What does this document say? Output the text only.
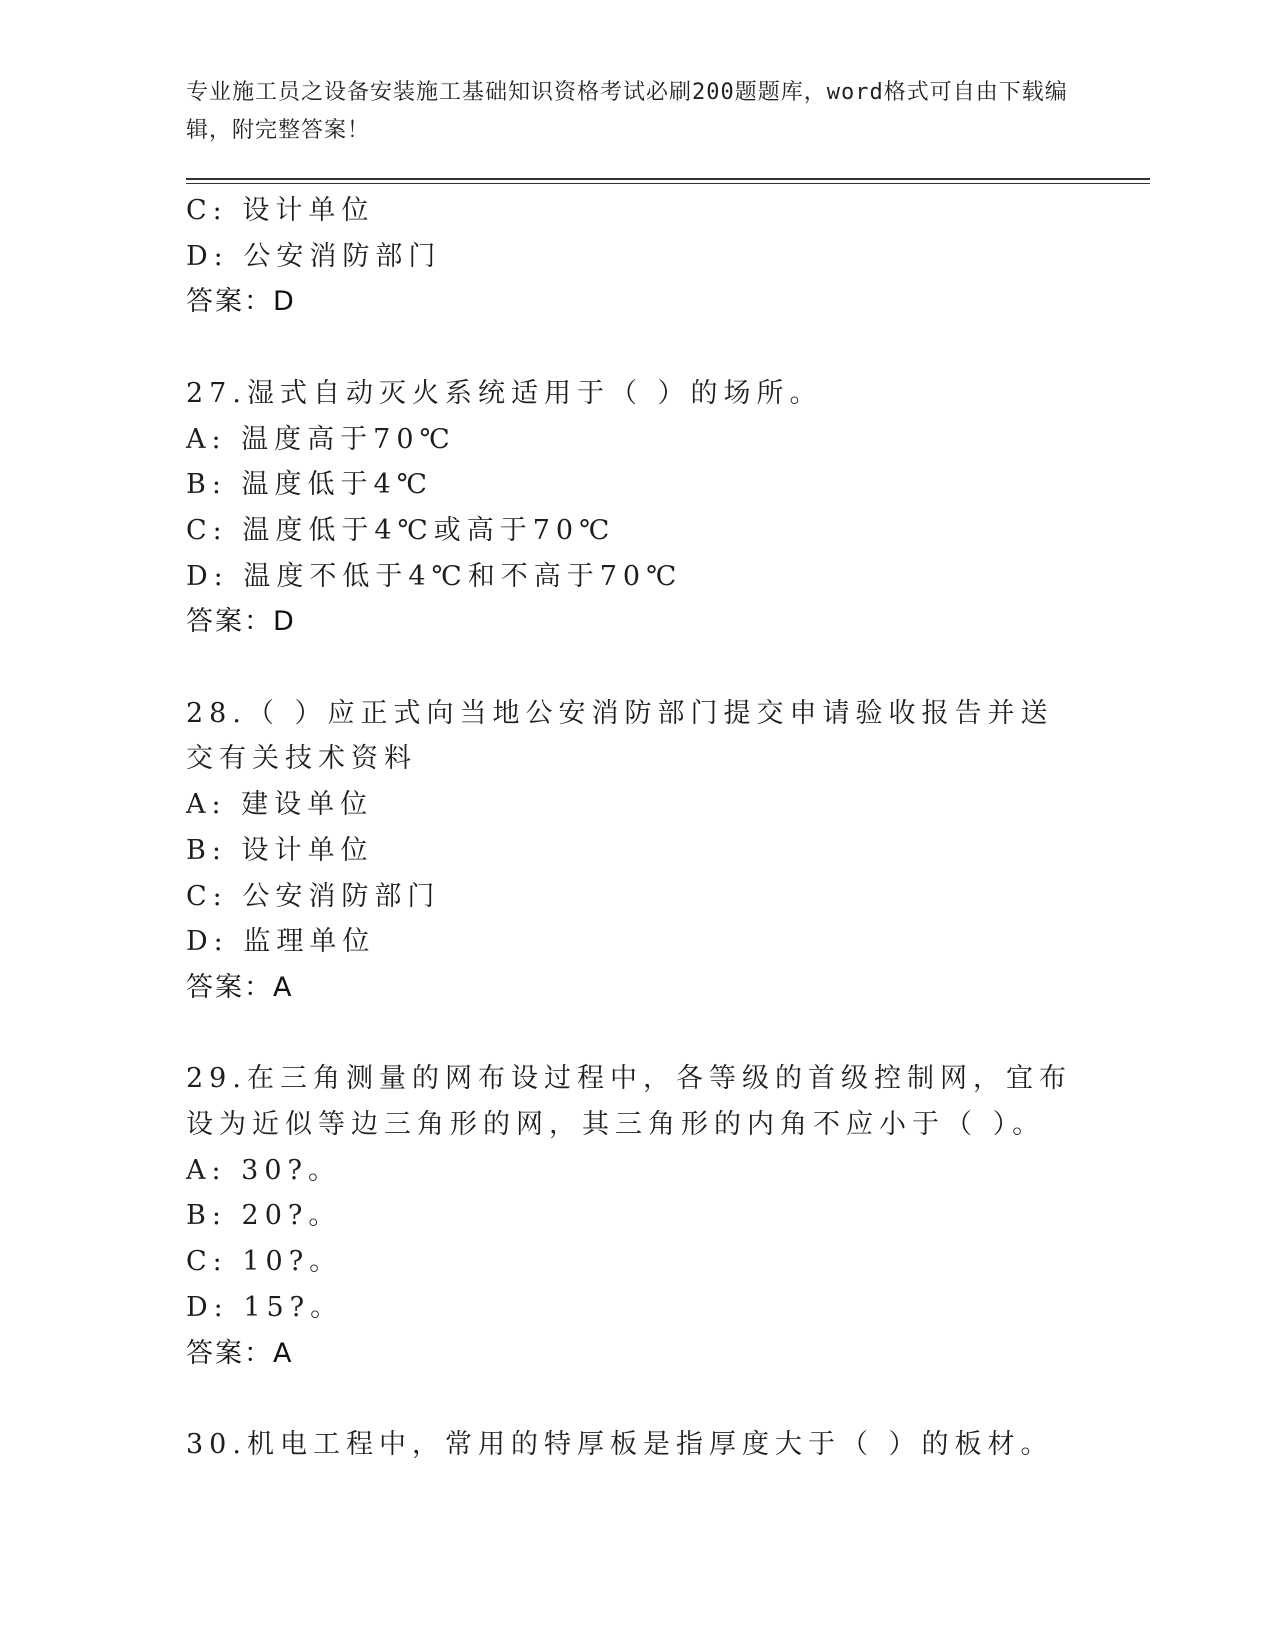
专业施工员之设备安装施工基础知识资格考试必刷200题题库，word格式可自由下载编辑，附完整答案！
C: 设计单位
D: 公安消防部门
答案：D
27.湿式自动灭火系统适用于（ ）的场所。
A: 温度高于70℃
B: 温度低于4℃
C: 温度低于4℃或高于70℃
D: 温度不低于4℃和不高于70℃
答案：D
28.（ ）应正式向当地公安消防部门提交申请验收报告并送交有关技术资料
A: 建设单位
B: 设计单位
C: 公安消防部门
D: 监理单位
答案：A
29.在三角测量的网布设过程中，各等级的首级控制网，宜布设为近似等边三角形的网，其三角形的内角不应小于（ ）。
A: 30?。
B: 20?。
C: 10?。
D: 15?。
答案：A
30.机电工程中，常用的特厚板是指厚度大于（ ）的板材。
